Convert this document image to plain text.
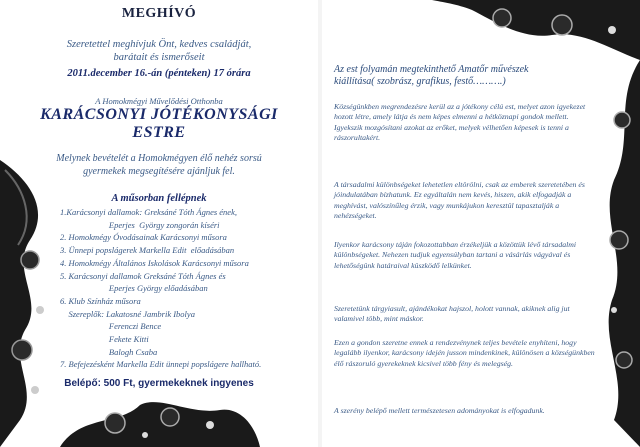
MEGHÍVÓ
Szeretettel meghívjuk Önt, kedves családját,
barátait és ismerőseit
2011.december 16.-án (pénteken) 17 órára
A Homokmégyi Művelődési Otthonba
KARÁCSONYI JÓTÉKONYSÁGI
ESTRE
Melynek bevételét a Homokmégyen élő nehéz sorsú
gyermekek megsegítésére ajánljuk fel.
A műsorban fellépnek
1.Karácsonyi dallamok: Greksáné Tóth Ágnes ének,
Eperjes  György zongorán kíséri
2. Homokmégy Óvodásainak Karácsonyi műsora
3. Ünnepi popslágerek Markella Edit  előadásában
4. Homokmégy Általános Iskolások Karácsonyi műsora
5. Karácsonyi dallamok Greksáné Tóth Ágnes és
Eperjes György előadásában
6. Klub Színház műsora
Szereplők: Lakatosné Jambrik Ibolya
Ferenczi Bence
Fekete Kitti
Balogh Csaba
7. Befejezésként Markella Edit ünnepi popslágere hallható.
Belépő: 500 Ft, gyermekeknek ingyenes
Az est folyamán megtekinthető Amatőr művészek
kiállítása( szobrász, grafikus, festő……….)
Községünkben megrendezésre kerül az a jótékony célú est, melyet azon igyekezet hozott létre, amely látja és nem képes elmenni a hétköznapi gondok mellett. Igyekszik mozgósítani azokat az erőket, melyek vélhetően képesek is tenni a rászorultakért.
A társadalmi különbségeket lehetetlen eltörölni, csak az emberek szeretetében és jóindulatában bízhatunk. Ez egyáltalán nem kevés, hiszen, akik elfogadják a meghívást, valószínűleg érzik, vagy munkájukon keresztül tapasztalják a nehézségeket.
Ilyenkor karácsony táján fokozottabban érzékeljük a közöttük lévő társadalmi különbségeket. Nehezen tudjuk egyensúlyban tartani a vásárlás vágyával és lehetőségünk határaival küszködő lelkünket.
Szeretetünk tárgyiasult, ajándékokat hajszol, holott vannak, akiknek alig jut valamivel több, mint máskor.
Ezen a gondon szeretne ennek a rendezvénynek teljes bevétele enyhíteni, hogy legalább ilyenkor, karácsony idején jusson mindenkinek, különösen a községünkben élő rászoruló gyerekeknek kicsivel több fény és melegség.
A szerény belépő mellett természetesen adományokat is elfogadunk.
